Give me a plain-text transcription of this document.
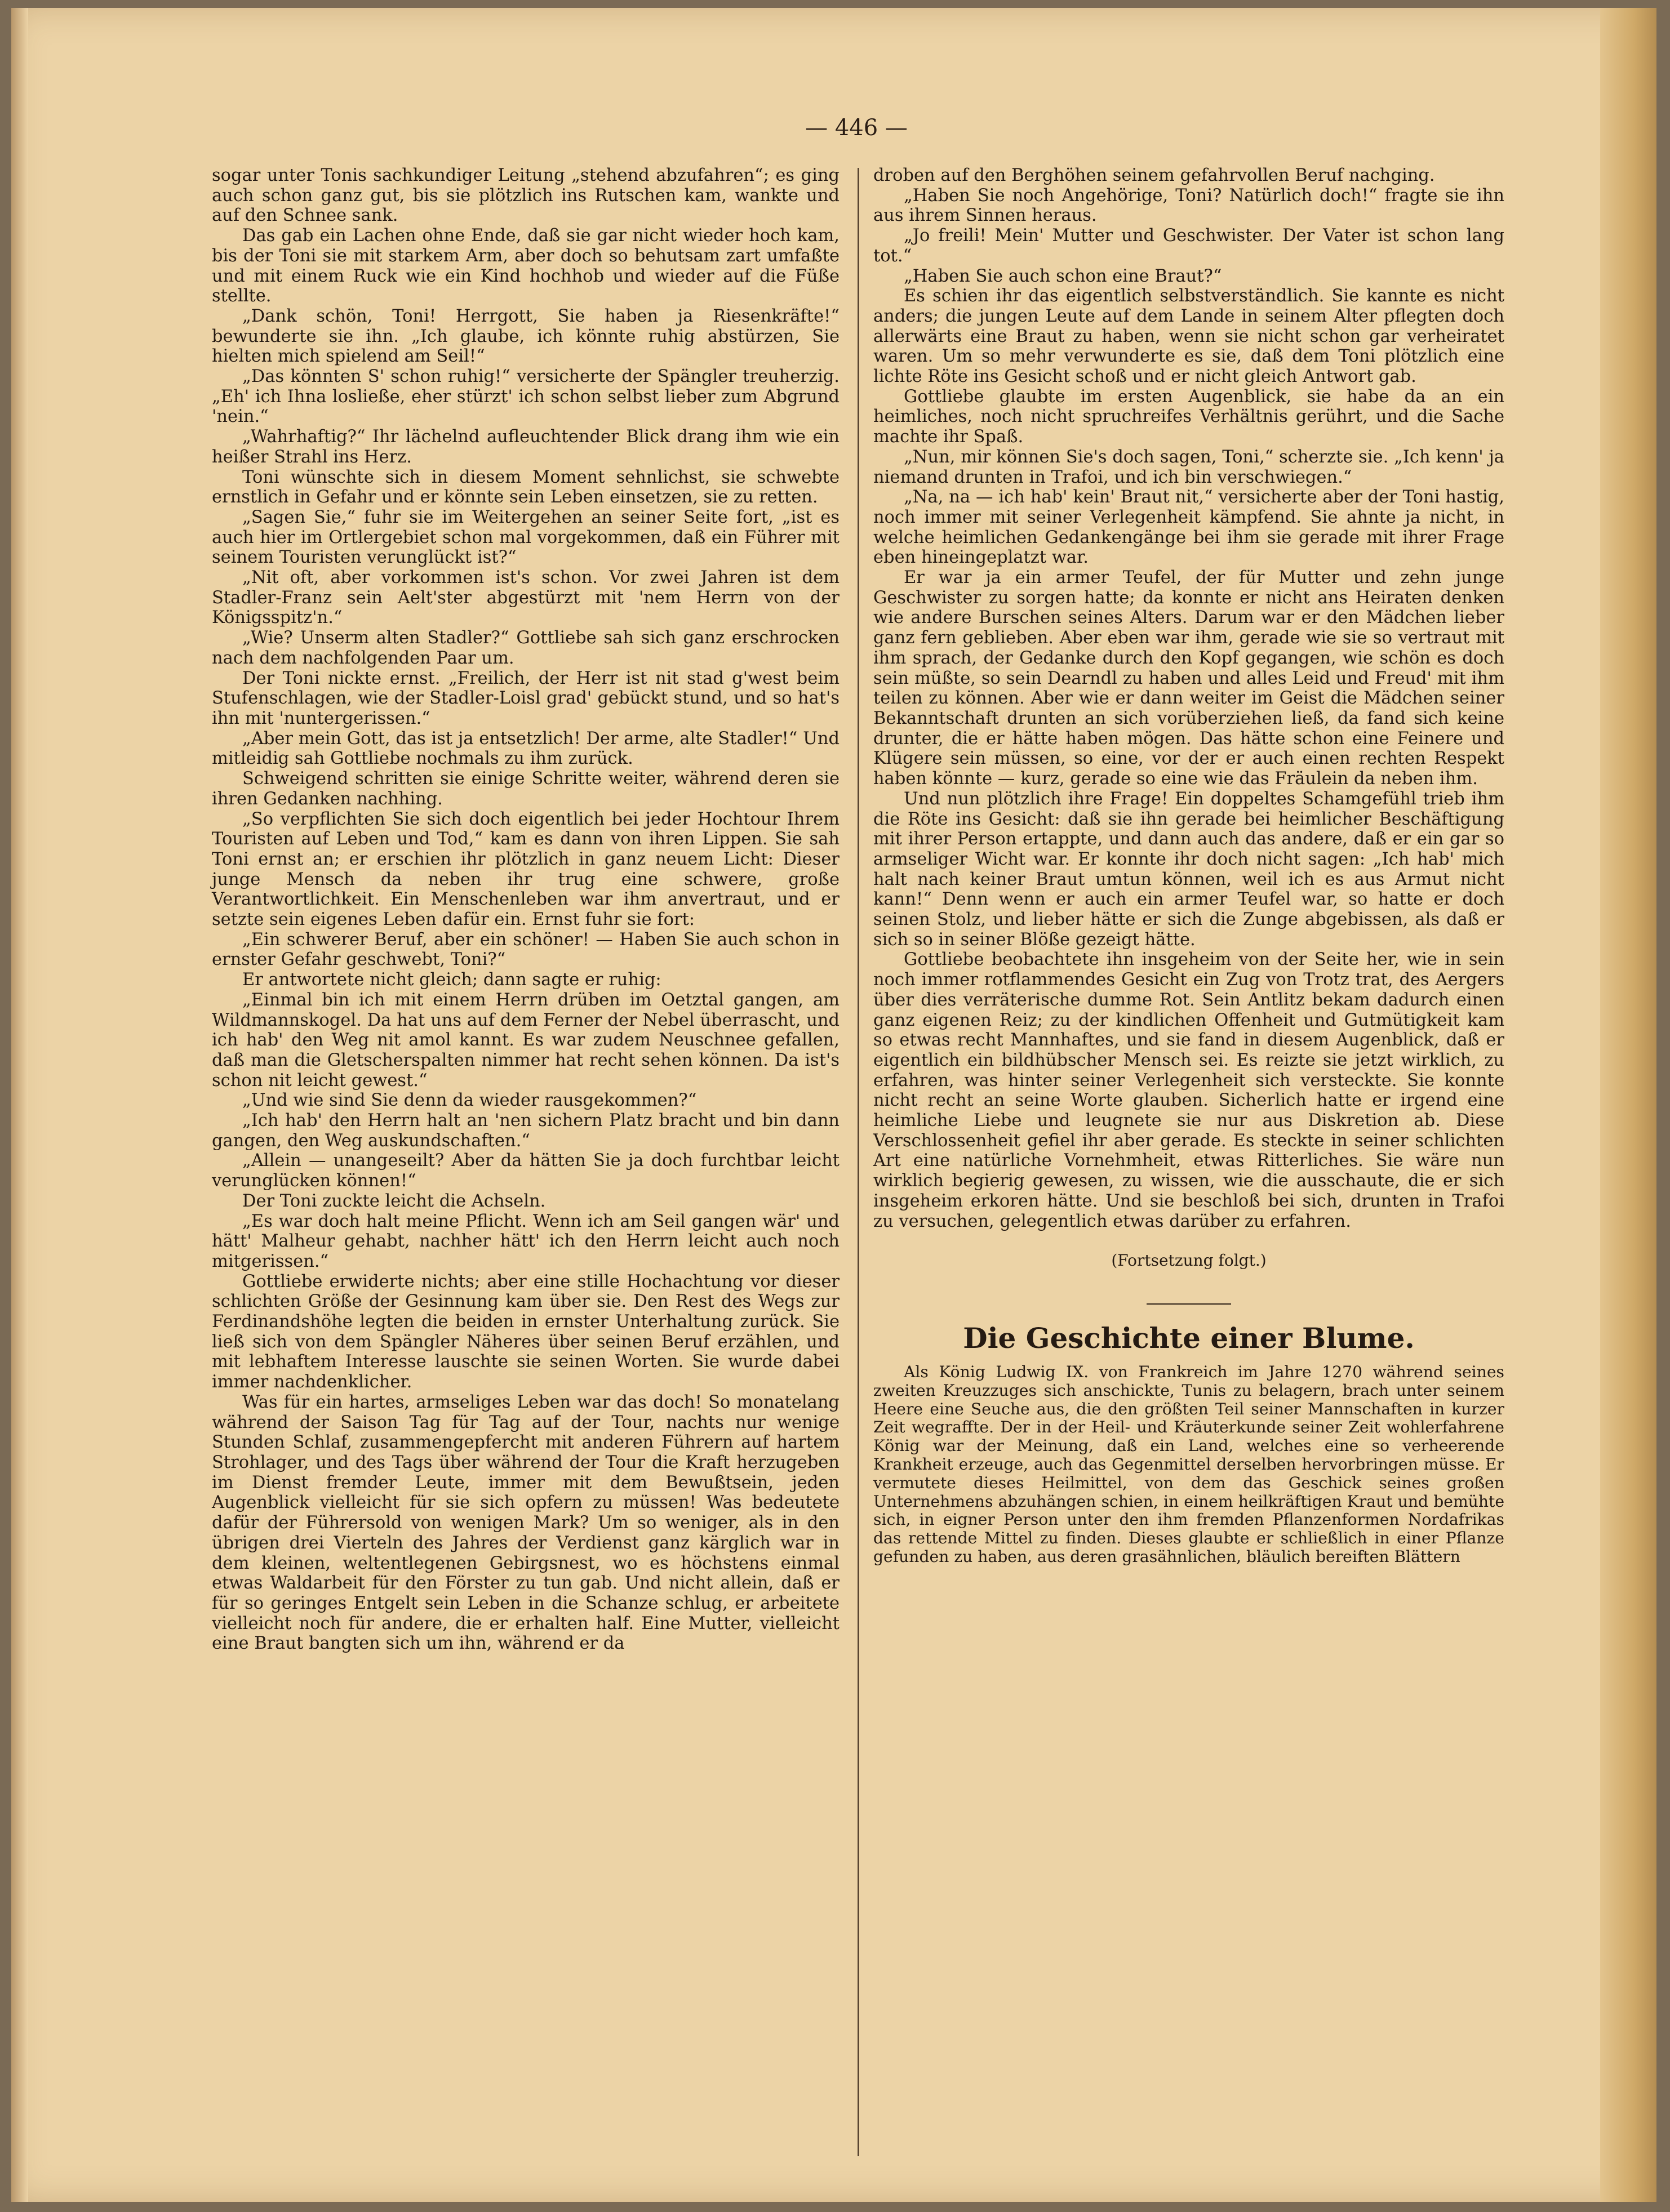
— 446 —

sogar unter Tonis sachkundiger Leitung „stehend abzufahren“; es ging auch schon ganz gut, bis sie plötzlich ins Rutschen kam, wankte und auf den Schnee sank.

Das gab ein Lachen ohne Ende, daß sie gar nicht wieder hoch kam, bis der Toni sie mit starkem Arm, aber doch so behutsam zart umfaßte und mit einem Ruck wie ein Kind hochhob und wieder auf die Füße stellte.

„Dank schön, Toni! Herrgott, Sie haben ja Riesenkräfte!“ bewunderte sie ihn. „Ich glaube, ich könnte ruhig abstürzen, Sie hielten mich spielend am Seil!“

„Das könnten S' schon ruhig!“ versicherte der Spängler treuherzig. „Eh' ich Ihna losließe, eher stürzt' ich schon selbst lieber zum Abgrund 'nein.“

„Wahrhaftig?“ Ihr lächelnd aufleuchtender Blick drang ihm wie ein heißer Strahl ins Herz.

Toni wünschte sich in diesem Moment sehnlichst, sie schwebte ernstlich in Gefahr und er könnte sein Leben einsetzen, sie zu retten.

„Sagen Sie,“ fuhr sie im Weitergehen an seiner Seite fort, „ist es auch hier im Ortlergebiet schon mal vorgekommen, daß ein Führer mit seinem Touristen verunglückt ist?“

„Nit oft, aber vorkommen ist's schon. Vor zwei Jahren ist dem Stadler-Franz sein Aelt'ster abgestürzt mit 'nem Herrn von der Königsspitz'n.“

„Wie? Unserm alten Stadler?“ Gottliebe sah sich ganz erschrocken nach dem nachfolgenden Paar um.

Der Toni nickte ernst. „Freilich, der Herr ist nit stad g'west beim Stufenschlagen, wie der Stadler-Loisl grad' gebückt stund, und so hat's ihn mit 'nuntergerissen.“

„Aber mein Gott, das ist ja entsetzlich! Der arme, alte Stadler!“ Und mitleidig sah Gottliebe nochmals zu ihm zurück.

Schweigend schritten sie einige Schritte weiter, während deren sie ihren Gedanken nachhing.

„So verpflichten Sie sich doch eigentlich bei jeder Hochtour Ihrem Touristen auf Leben und Tod,“ kam es dann von ihren Lippen. Sie sah Toni ernst an; er erschien ihr plötzlich in ganz neuem Licht: Dieser junge Mensch da neben ihr trug eine schwere, große Verantwortlichkeit. Ein Menschenleben war ihm anvertraut, und er setzte sein eigenes Leben dafür ein. Ernst fuhr sie fort:

„Ein schwerer Beruf, aber ein schöner! — Haben Sie auch schon in ernster Gefahr geschwebt, Toni?“

Er antwortete nicht gleich; dann sagte er ruhig:

„Einmal bin ich mit einem Herrn drüben im Oetztal gangen, am Wildmannskogel. Da hat uns auf dem Ferner der Nebel überrascht, und ich hab' den Weg nit amol kannt. Es war zudem Neuschnee gefallen, daß man die Gletscherspalten nimmer hat recht sehen können. Da ist's schon nit leicht gewest.“

„Und wie sind Sie denn da wieder rausgekommen?“

„Ich hab' den Herrn halt an 'nen sichern Platz bracht und bin dann gangen, den Weg auskundschaften.“

„Allein — unangeseilt? Aber da hätten Sie ja doch furchtbar leicht verunglücken können!“

Der Toni zuckte leicht die Achseln.

„Es war doch halt meine Pflicht. Wenn ich am Seil gangen wär' und hätt' Malheur gehabt, nachher hätt' ich den Herrn leicht auch noch mitgerissen.“

Gottliebe erwiderte nichts; aber eine stille Hochachtung vor dieser schlichten Größe der Gesinnung kam über sie. Den Rest des Wegs zur Ferdinandshöhe legten die beiden in ernster Unterhaltung zurück. Sie ließ sich von dem Spängler Näheres über seinen Beruf erzählen, und mit lebhaftem Interesse lauschte sie seinen Worten. Sie wurde dabei immer nachdenklicher.

Was für ein hartes, armseliges Leben war das doch! So monatelang während der Saison Tag für Tag auf der Tour, nachts nur wenige Stunden Schlaf, zusammengepfercht mit anderen Führern auf hartem Strohlager, und des Tags über während der Tour die Kraft herzugeben im Dienst fremder Leute, immer mit dem Bewußtsein, jeden Augenblick vielleicht für sie sich opfern zu müssen! Was bedeutete dafür der Führersold von wenigen Mark? Um so weniger, als in den übrigen drei Vierteln des Jahres der Verdienst ganz kärglich war in dem kleinen, weltentlegenen Gebirgsnest, wo es höchstens einmal etwas Waldarbeit für den Förster zu tun gab. Und nicht allein, daß er für so geringes Entgelt sein Leben in die Schanze schlug, er arbeitete vielleicht noch für andere, die er erhalten half. Eine Mutter, vielleicht eine Braut bangten sich um ihn, während er da

droben auf den Berghöhen seinem gefahrvollen Beruf nachging.

„Haben Sie noch Angehörige, Toni? Natürlich doch!“ fragte sie ihn aus ihrem Sinnen heraus.

„Jo freili! Mein' Mutter und Geschwister. Der Vater ist schon lang tot.“

„Haben Sie auch schon eine Braut?“

Es schien ihr das eigentlich selbstverständlich. Sie kannte es nicht anders; die jungen Leute auf dem Lande in seinem Alter pflegten doch allerwärts eine Braut zu haben, wenn sie nicht schon gar verheiratet waren. Um so mehr verwunderte es sie, daß dem Toni plötzlich eine lichte Röte ins Gesicht schoß und er nicht gleich Antwort gab.

Gottliebe glaubte im ersten Augenblick, sie habe da an ein heimliches, noch nicht spruchreifes Verhältnis gerührt, und die Sache machte ihr Spaß.

„Nun, mir können Sie's doch sagen, Toni,“ scherzte sie. „Ich kenn' ja niemand drunten in Trafoi, und ich bin verschwiegen.“

„Na, na — ich hab' kein' Braut nit,“ versicherte aber der Toni hastig, noch immer mit seiner Verlegenheit kämpfend. Sie ahnte ja nicht, in welche heimlichen Gedankengänge bei ihm sie gerade mit ihrer Frage eben hineingeplatzt war.

Er war ja ein armer Teufel, der für Mutter und zehn junge Geschwister zu sorgen hatte; da konnte er nicht ans Heiraten denken wie andere Burschen seines Alters. Darum war er den Mädchen lieber ganz fern geblieben. Aber eben war ihm, gerade wie sie so vertraut mit ihm sprach, der Gedanke durch den Kopf gegangen, wie schön es doch sein müßte, so sein Dearndl zu haben und alles Leid und Freud' mit ihm teilen zu können. Aber wie er dann weiter im Geist die Mädchen seiner Bekanntschaft drunten an sich vorüberziehen ließ, da fand sich keine drunter, die er hätte haben mögen. Das hätte schon eine Feinere und Klügere sein müssen, so eine, vor der er auch einen rechten Respekt haben könnte — kurz, gerade so eine wie das Fräulein da neben ihm.

Und nun plötzlich ihre Frage! Ein doppeltes Schamgefühl trieb ihm die Röte ins Gesicht: daß sie ihn gerade bei heimlicher Beschäftigung mit ihrer Person ertappte, und dann auch das andere, daß er ein gar so armseliger Wicht war. Er konnte ihr doch nicht sagen: „Ich hab' mich halt nach keiner Braut umtun können, weil ich es aus Armut nicht kann!“ Denn wenn er auch ein armer Teufel war, so hatte er doch seinen Stolz, und lieber hätte er sich die Zunge abgebissen, als daß er sich so in seiner Blöße gezeigt hätte.

Gottliebe beobachtete ihn insgeheim von der Seite her, wie in sein noch immer rotflammendes Gesicht ein Zug von Trotz trat, des Aergers über dies verräterische dumme Rot. Sein Antlitz bekam dadurch einen ganz eigenen Reiz; zu der kindlichen Offenheit und Gutmütigkeit kam so etwas recht Mannhaftes, und sie fand in diesem Augenblick, daß er eigentlich ein bildhübscher Mensch sei. Es reizte sie jetzt wirklich, zu erfahren, was hinter seiner Verlegenheit sich versteckte. Sie konnte nicht recht an seine Worte glauben. Sicherlich hatte er irgend eine heimliche Liebe und leugnete sie nur aus Diskretion ab. Diese Verschlossenheit gefiel ihr aber gerade. Es steckte in seiner schlichten Art eine natürliche Vornehmheit, etwas Ritterliches. Sie wäre nun wirklich begierig gewesen, zu wissen, wie die ausschaute, die er sich insgeheim erkoren hätte. Und sie beschloß bei sich, drunten in Trafoi zu versuchen, gelegentlich etwas darüber zu erfahren.

(Fortsetzung folgt.)

Die Geschichte einer Blume.

Als König Ludwig IX. von Frankreich im Jahre 1270 während seines zweiten Kreuzzuges sich anschickte, Tunis zu belagern, brach unter seinem Heere eine Seuche aus, die den größten Teil seiner Mannschaften in kurzer Zeit wegraffte. Der in der Heil- und Kräuterkunde seiner Zeit wohlerfahrene König war der Meinung, daß ein Land, welches eine so verheerende Krankheit erzeuge, auch das Gegenmittel derselben hervorbringen müsse. Er vermutete dieses Heilmittel, von dem das Geschick seines großen Unternehmens abzuhängen schien, in einem heilkräftigen Kraut und bemühte sich, in eigner Person unter den ihm fremden Pflanzenformen Nordafrikas das rettende Mittel zu finden. Dieses glaubte er schließlich in einer Pflanze gefunden zu haben, aus deren grasähnlichen, bläulich bereiften Blättern
